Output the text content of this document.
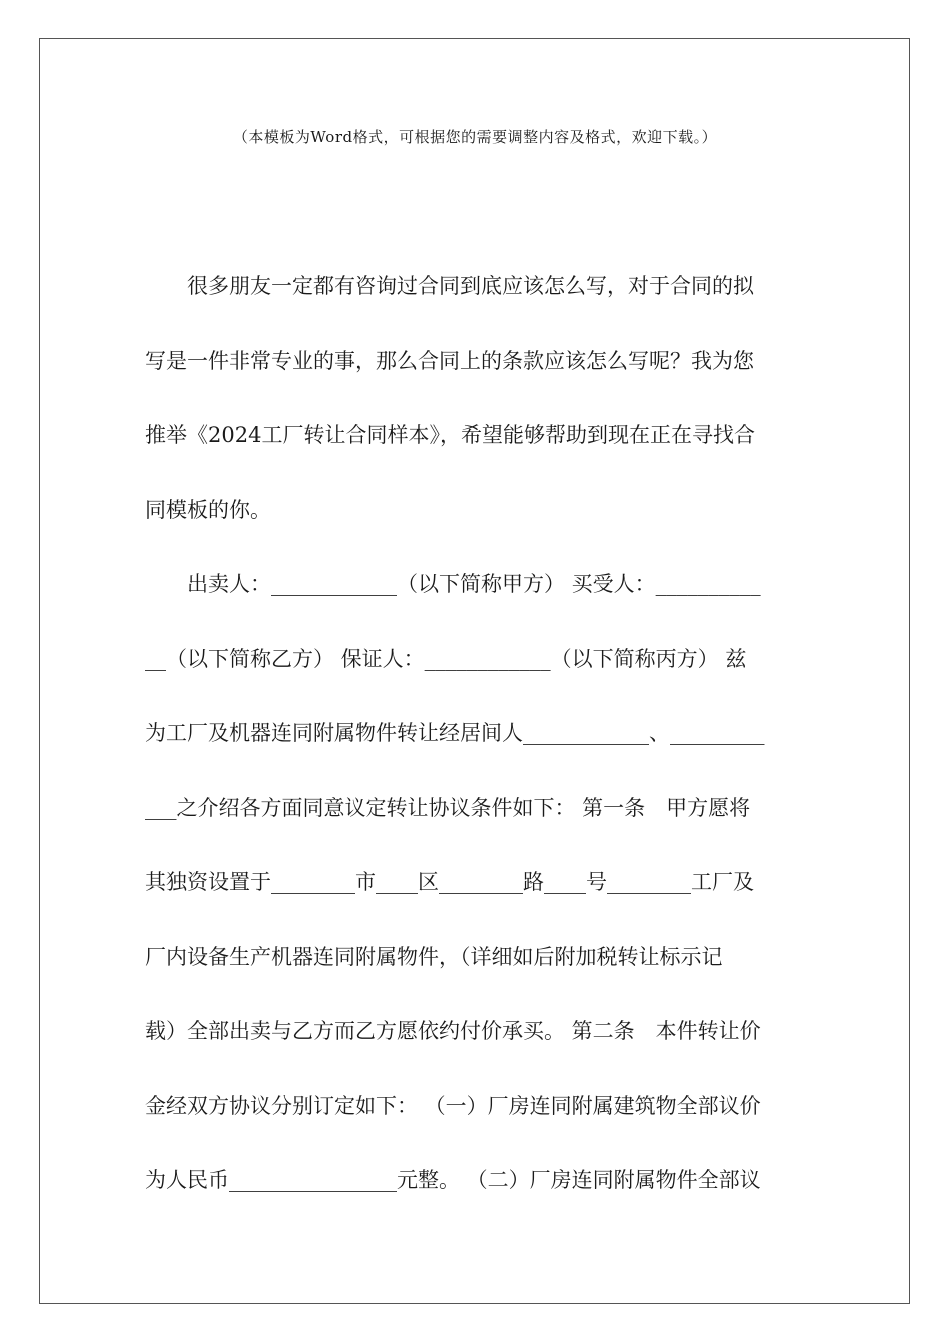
（本模板为Word格式，可根据您的需要调整内容及格式，欢迎下载。）
　　很多朋友一定都有咨询过合同到底应该怎么写，对于合同的拟
写是一件非常专业的事，那么合同上的条款应该怎么写呢？我为您
推举《2024工厂转让合同样本》，希望能够帮助到现在正在寻找合
同模板的你。
　　出卖人：____________（以下简称甲方） 买受人：__________
__（以下简称乙方） 保证人：____________（以下简称丙方） 兹
为工厂及机器连同附属物件转让经居间人____________、_________
___之介绍各方面同意议定转让协议条件如下： 第一条　甲方愿将
其独资设置于________市____区________路____号________工厂及
厂内设备生产机器连同附属物件，（详细如后附加税转让标示记
载）全部出卖与乙方而乙方愿依约付价承买。 第二条　本件转让价
金经双方协议分别订定如下： （一）厂房连同附属建筑物全部议价
为人民币________________元整。 （二）厂房连同附属物件全部议
